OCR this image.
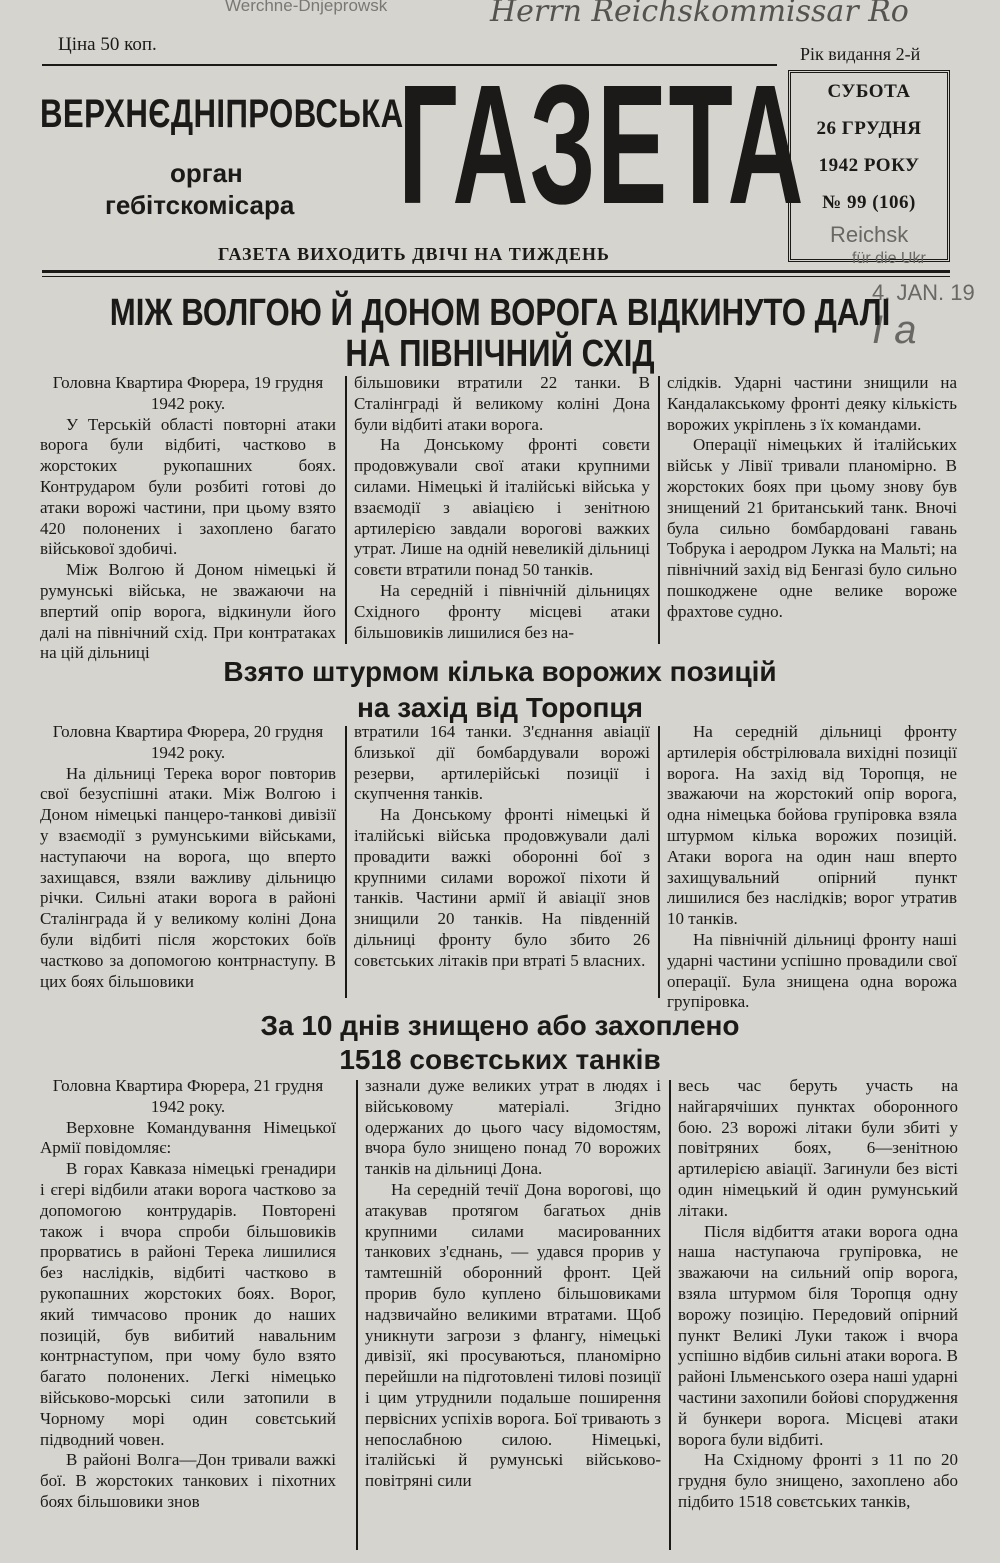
Werchne-Dnjeprowsk	Herrn Reichskommissar Ro
Ціна 50 коп.	Рік видання 2-й
ВЕРХНЄДНІПРОВСЬКА
орган
гебітскомісара ГАЗЕТА	СУБОТА
26 ГРУДНЯ
1942 РОКУ
№ 99 (106)
Reichsk
für die Ukr
4. JAN. 19
I a
ГАЗЕТА ВИХОДИТЬ ДВІЧІ НА ТИЖДЕНЬ
МІЖ ВОЛГОЮ Й ДОНОМ ВОРОГА ВІДКИНУТО ДАЛІ
НА ПІВНІЧНИЙ СХІД
Головна Квартира Фюрера, 19 грудня 1942 року.

У Терській області повторні атаки ворога були відбиті, частково в жорстоких рукопашних боях. Контрударом були розбиті готові до атаки ворожі частини, при цьому взято 420 полонених і захоплено багато військової здобичі.

Між Волгою й Доном німецькі й румунські війська, не зважаючи на впертий опір ворога, відкинули його далі на північний схід. При контратаках на цій дільниці

більшовики втратили 22 танки. В Сталінграді й великому коліні Дона були відбиті атаки ворога.

На Донському фронті совєти продовжували свої атаки крупними силами. Німецькі й італійські війська у взаємодії з авіацією і зенітною артилерією завдали ворогові важких утрат. Лише на одній невеликій дільниці совєти втратили понад 50 танків.

На середній і північній дільницях Східного фронту місцеві атаки більшовиків лишилися без на-

слідків. Ударні частини знищили на Кандалакському фронті деяку кількість ворожих укріплень з їх командами.

Операції німецьких й італійських військ у Лівії тривали планомірно. В жорстоких боях при цьому знову був знищений 21 британський танк. Вночі була сильно бомбардовані гавань Тобрука і аеродром Лукка на Мальті; на північний захід від Бенгазі було сильно пошкоджене одне велике вороже фрахтове судно.

Взято штурмом кілька ворожих позицій
на захід від Торопця
Головна Квартира Фюрера, 20 грудня 1942 року.

На дільниці Терека ворог повторив свої безуспішні атаки. Між Волгою і Доном німецькі панцеро-танкові дивізії у взаємодії з румунськими військами, наступаючи на ворога, що вперто захищався, взяли важливу дільницю річки. Сильні атаки ворога в районі Сталінграда й у великому коліні Дона були відбиті після жорстоких боїв частково за допомогою контрнаступу. В цих боях більшовики

втратили 164 танки. З'єднання авіації близької дії бомбардували ворожі резерви, артилерійські позиції і скупчення танків.

На Донському фронті німецькі й італійські війська продовжували далі провадити важкі оборонні бої з крупними силами ворожої піхоти й танків. Частини армії й авіації знов знищили 20 танків. На південній дільниці фронту було збито 26 совєтських літаків при втраті 5 власних.

На середній дільниці фронту артилерія обстрілювала вихідні позиції ворога. На захід від Торопця, не зважаючи на жорстокий опір ворога, одна німецька бойова групіровка взяла штурмом кілька ворожих позицій. Атаки ворога на один наш вперто захищувальний опірний пункт лишилися без наслідків; ворог утратив 10 танків.

На північній дільниці фронту наші ударні частини успішно провадили свої операції. Була знищена одна ворожа групіровка.

За 10 днів знищено або захоплено
1518 совєтських танків
Головна Квартира Фюрера, 21 грудня 1942 року.

Верховне Командування Німецької Армії повідомляє:

В горах Кавказа німецькі гренадири і єгері відбили атаки ворога частково за допомогою контрударів. Повторені також і вчора спроби більшовиків прорватись в районі Терека лишилися без наслідків, відбиті частково в рукопашних жорстоких боях. Ворог, який тимчасово проник до наших позицій, був вибитий навальним контрнаступом, при чому було взято багато полонених. Легкі німецько військово-морські сили затопили в Чорному морі один совєтський підводний човен.

В районі Волга—Дон тривали важкі бої. В жорстоких танкових і піхотних боях більшовики знов

зазнали дуже великих утрат в людях і військовому матеріалі. Згідно одержаних до цього часу відомостям, вчора було знищено понад 70 ворожих танків на дільниці Дона.

На середній течії Дона ворогові, що атакував протягом багатьох днів крупними силами масированних танкових з'єднань, — удався прорив у тамтешній оборонний фронт. Цей прорив було куплено більшовиками надзвичайно великими втратами. Щоб уникнути загрози з флангу, німецькі дивізії, які просуваються, планомірно перейшли на підготовлені тилові позиції і цим утруднили подальше поширення первісних успіхів ворога. Бої тривають з непослабною силою. Німецькі, італійські й румунські військово-повітряні сили

весь час беруть участь на найгарячіших пунктах оборонного бою. 23 ворожі літаки були збиті у повітряних боях, 6—зенітною артилерією авіації. Загинули без вісті один німецький й один румунський літаки.

Після відбиття атаки ворога одна наша наступаюча групіровка, не зважаючи на сильний опір ворога, взяла штурмом біля Торопця одну ворожу позицію. Передовий опірний пункт Великі Луки також і вчора успішно відбив сильні атаки ворога. В районі Ільменського озера наші ударні частини захопили бойові спорудження й бункери ворога. Місцеві атаки ворога були відбиті.

На Східному фронті з 11 по 20 грудня було знищено, захоплено або підбито 1518 совєтських танків,
